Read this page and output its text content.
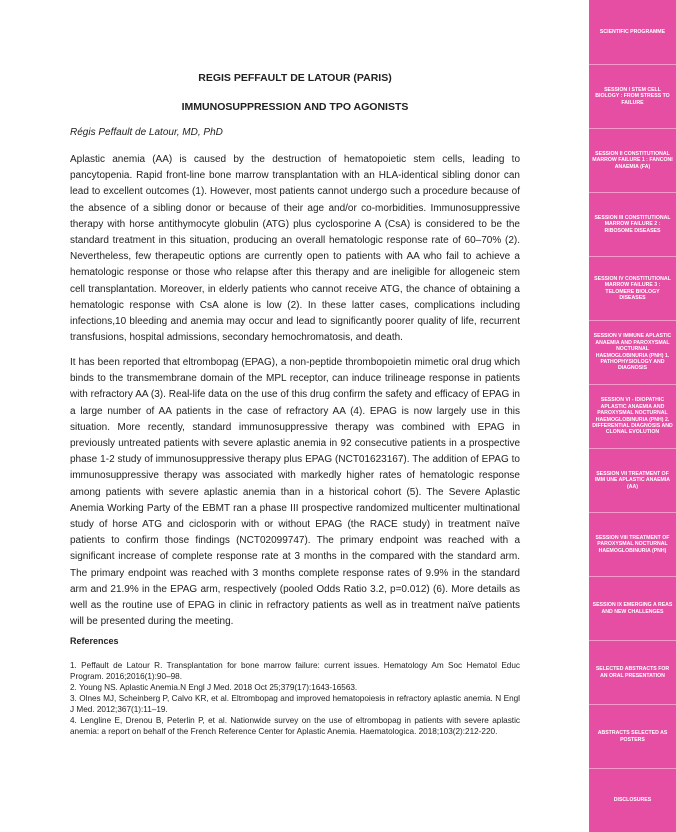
REGIS PEFFAULT DE LATOUR (PARIS)
IMMUNOSUPPRESSION AND TPO AGONISTS
Régis Peffault de Latour, MD, PhD

Aplastic anemia (AA) is caused by the destruction of hematopoietic stem cells, leading to pancytopenia. Rapid front-line bone marrow transplantation with an HLA-identical sibling donor can lead to excellent outcomes (1). However, most patients cannot undergo such a procedure because of the absence of a sibling donor or because of their age and/or co-morbidities. Immunosuppressive therapy with horse antithymocyte globulin (ATG) plus cyclosporine A (CsA) is considered to be the standard treatment in this situation, producing an overall hematologic response rate of 60–70% (2). Nevertheless, few therapeutic options are currently open to patients with AA who fail to achieve a hematologic response or those who relapse after this therapy and are ineligible for allogeneic stem cell transplantation. Moreover, in elderly patients who cannot receive ATG, the chance of obtaining a hematologic response with CsA alone is low (2). In these latter cases, complications including infections,10 bleeding and anemia may occur and lead to significantly poorer quality of life, recurrent transfusions, hospital admissions, secondary hemochromatosis, and death.

It has been reported that eltrombopag (EPAG), a non-peptide thrombopoietin mimetic oral drug which binds to the transmembrane domain of the MPL receptor, can induce trilineage response in patients with refractory AA (3). Real-life data on the use of this drug confirm the safety and efficacy of EPAG in a large number of AA patients in the case of refractory AA (4). EPAG is now largely use in this situation. More recently, standard immunosuppressive therapy was combined with EPAG in previously untreated patients with severe aplastic anemia in 92 consecutive patients in a prospective phase 1-2 study of immunosuppressive therapy plus EPAG (NCT01623167). The addition of EPAG to immunosuppressive therapy was associated with markedly higher rates of hematologic response among patients with severe aplastic anemia than in a historical cohort (5). The Severe Aplastic Anemia Working Party of the EBMT ran a phase III prospective randomized multicenter multinational study of horse ATG and ciclosporin with or without EPAG (the RACE study) in treatment naïve patients to confirm those findings (NCT02099747). The primary endpoint was reached with a significant increase of complete response rate at 3 months in the compared with the standard arm. The primary endpoint was reached with 3 months complete response rates of 9.9% in the standard arm and 21.9% in the EPAG arm, respectively (pooled Odds Ratio 3.2, p=0.012) (6). More details as well as the routine use of EPAG in clinic in refractory patients as well as in treatment naïve patients will be presented during the meeting.

References
1. Peffault de Latour R. Transplantation for bone marrow failure: current issues. Hematology Am Soc Hematol Educ Program. 2016;2016(1):90–98.
2. Young NS. Aplastic Anemia.N Engl J Med. 2018 Oct 25;379(17):1643-16563.
3. Olnes MJ, Scheinberg P, Calvo KR, et al. Eltrombopag and improved hematopoiesis in refractory aplastic anemia. N Engl J Med. 2012;367(1):11–19.
4. Lengline E, Drenou B, Peterlin P, et al. Nationwide survey on the use of eltrombopag in patients with severe aplastic anemia: a report on behalf of the French Reference Center for Aplastic Anemia. Haematologica. 2018;103(2):212-220.
SCIENTIFIC PROGRAMME
SESSION I STEM CELL BIOLOGY : FROM STRESS TO FAILURE
SESSION II CONSTITUTIONAL MARROW FAILURE 1 : FANCONI ANAEMIA (FA)
SESSION III CONSTITUTIONAL MARROW FAILURE 2 : RIBOSOME DISEASES
SESSION IV CONSTITUTIONAL MARROW FAILURE 3 : TELOMERE BIOLOGY DISEASES
SESSION V IMMUNE APLASTIC ANAEMIA AND PAROXYSMAL NOCTURNAL HAEMOGLOBINURIA (PNH) 1. PATHOPHYSIOLOGY AND DIAGNOSIS
SESSION VI - IDIOPATHIC APLASTIC ANAEMIA AND PAROXYSMAL NOCTURNAL HAEMOGLOBINURIA (PNH) 2. DIFFERENTIAL DIAGNOSIS AND CLONAL EVOLUTION
SESSION VII TREATMENT OF IMM UNE APLASTIC ANAEMIA (AA)
SESSION VIII TREATMENT OF PAROXYSMAL NOCTURNAL HAEMOGLOBINURIA (PNH)
SESSION IX EMERGING A REAS AND NEW CHALLENGES
SELECTED ABSTRACTS FOR AN ORAL PRESENTATION
ABSTRACTS SELECTED AS POSTERS
DISCLOSURES
